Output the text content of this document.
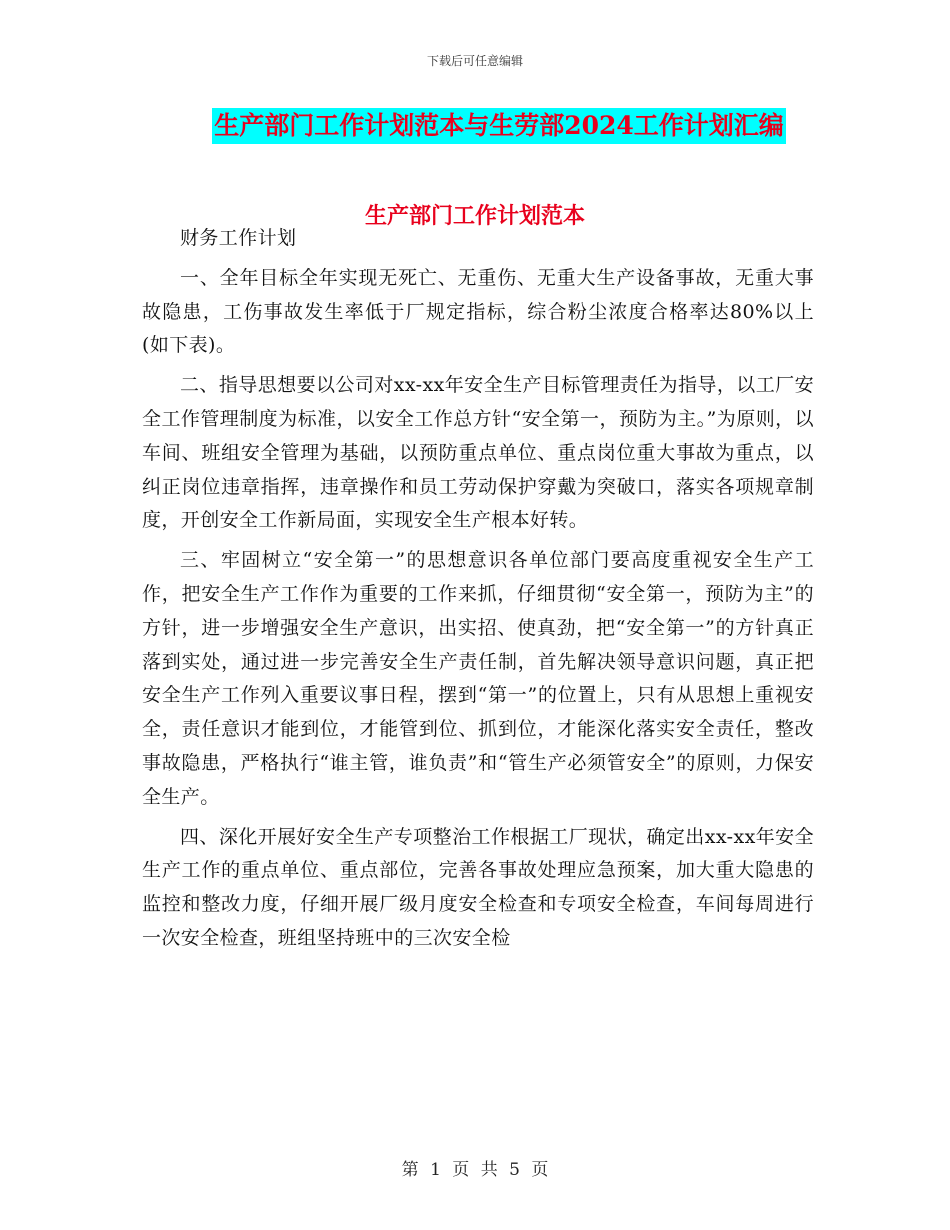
下载后可任意编辑
生产部门工作计划范本与生劳部2024工作计划汇编
生产部门工作计划范本

财务工作计划

一、全年目标全年实现无死亡、无重伤、无重大生产设备事故，无重大事故隐患，工伤事故发生率低于厂规定指标，综合粉尘浓度合格率达80%以上(如下表)。

二、指导思想要以公司对xx-xx年安全生产目标管理责任为指导，以工厂安全工作管理制度为标准，以安全工作总方针“安全第一，预防为主。”为原则，以车间、班组安全管理为基础，以预防重点单位、重点岗位重大事故为重点，以纠正岗位违章指挥，违章操作和员工劳动保护穿戴为突破口，落实各项规章制度，开创安全工作新局面，实现安全生产根本好转。

三、牢固树立“安全第一”的思想意识各单位部门要高度重视安全生产工作，把安全生产工作作为重要的工作来抓，仔细贯彻“安全第一，预防为主”的方针，进一步增强安全生产意识，出实招、使真劲，把“安全第一”的方针真正落到实处，通过进一步完善安全生产责任制，首先解决领导意识问题，真正把安全生产工作列入重要议事日程，摆到“第一”的位置上，只有从思想上重视安全，责任意识才能到位，才能管到位、抓到位，才能深化落实安全责任，整改事故隐患，严格执行“谁主管，谁负责”和“管生产必须管安全”的原则，力保安全生产。

四、深化开展好安全生产专项整治工作根据工厂现状，确定出xx-xx年安全生产工作的重点单位、重点部位，完善各事故处理应急预案，加大重大隐患的监控和整改力度，仔细开展厂级月度安全检查和专项安全检查，车间每周进行一次安全检查，班组坚持班中的三次安全检

第 1 页 共 5 页
